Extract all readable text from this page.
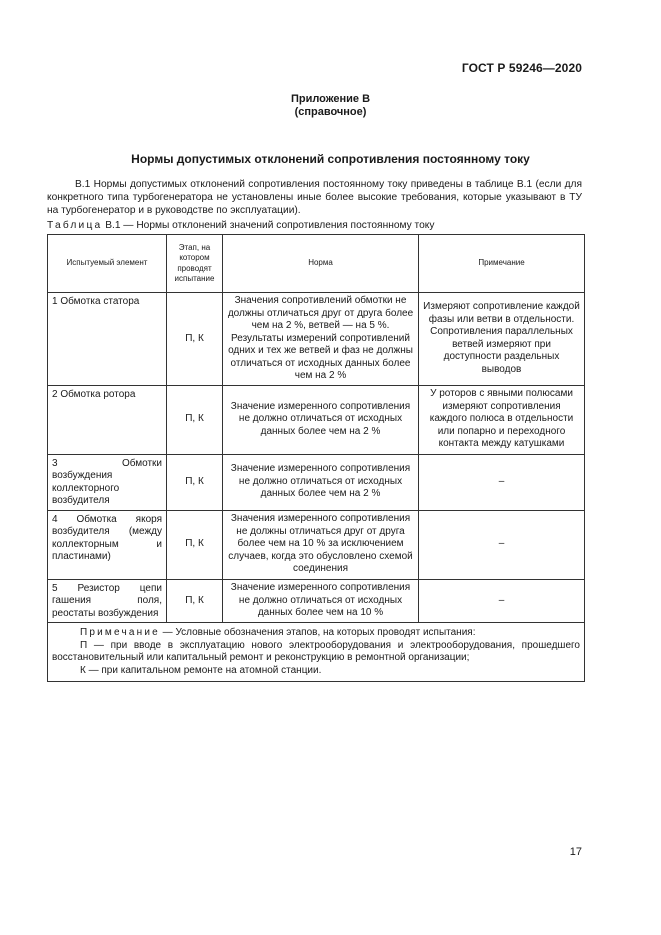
ГОСТ Р 59246—2020
Приложение В
(справочное)
Нормы допустимых отклонений сопротивления постоянному току
В.1 Нормы допустимых отклонений сопротивления постоянному току приведены в таблице В.1 (если для конкретного типа турбогенератора не установлены иные более высокие требования, которые указывают в ТУ на турбогенератор и в руководстве по эксплуатации).
Таблица В.1 — Нормы отклонений значений сопротивления постоянному току
Испытуемый элемент	Этап, на котором проводят испытание	Норма	Примечание
1 Обмотка статора	П, К	Значения сопротивлений обмотки не должны отличаться друг от друга более чем на 2 %, ветвей — на 5 %. Результаты измерений сопротивлений одних и тех же ветвей и фаз не должны отличаться от исходных данных более чем на 2 %	Измеряют сопротивление каждой фазы или ветви в отдельности. Сопротивления параллельных ветвей измеряют при доступности раздельных выводов
2 Обмотка ротора	П, К	Значение измеренного сопротивления не должно отличаться от исходных данных более чем на 2 %	У роторов с явными полюсами измеряют сопротивления каждого полюса в отдельности или попарно и переходного контакта между катушками
3 Обмотки возбуждения коллекторного возбудителя	П, К	Значение измеренного сопротивления не должно отличаться от исходных данных более чем на 2 %	–
4 Обмотка якоря возбудителя (между коллекторным и пластинами)	П, К	Значения измеренного сопротивления не должны отличаться друг от друга более чем на 10 % за исключением случаев, когда это обусловлено схемой соединения	–
5 Резистор цепи гашения поля, реостаты возбуждения	П, К	Значение измеренного сопротивления не должно отличаться от исходных данных более чем на 10 %	–

Примечание — Условные обозначения этапов, на которых проводят испытания:
П — при вводе в эксплуатацию нового электрооборудования и электрооборудования, прошедшего восстановительный или капитальный ремонт и реконструкцию в ремонтной организации;
К — при капитальном ремонте на атомной станции.			
17
